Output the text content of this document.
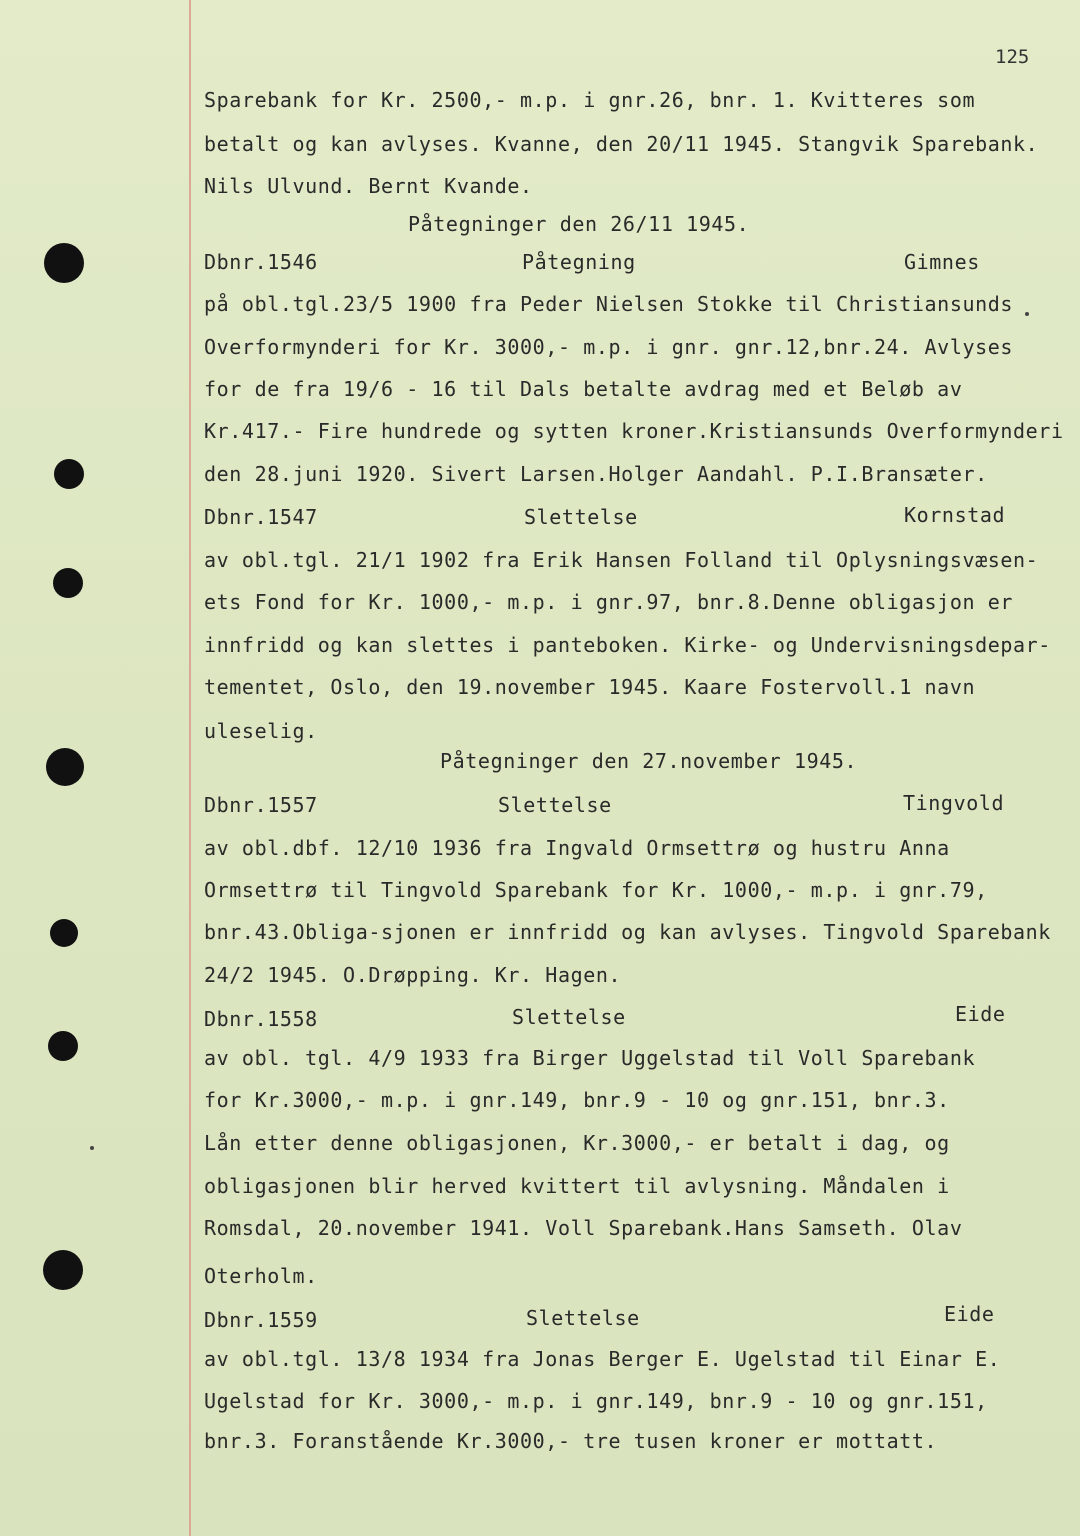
125

Sparebank for Kr. 2500,- m.p. i gnr.26, bnr. 1. Kvitteres som

betalt og kan avlyses. Kvanne, den 20/11 1945. Stangvik Sparebank.

Nils Ulvund. Bernt Kvande.

Påtegninger den 26/11 1945.
Dbnr.1546	Påtegning	Gimnes

på obl.tgl.23/5 1900 fra Peder Nielsen Stokke til Christiansunds

Overformynderi for Kr. 3000,- m.p. i gnr. gnr.12,bnr.24. Avlyses

for de fra 19/6 - 16 til Dals betalte avdrag med et Beløb av

Kr.417.- Fire hundrede og sytten kroner.Kristiansunds Overformynderi

den 28.juni 1920. Sivert Larsen.Holger Aandahl. P.I.Bransæter.

Dbnr.1547	Slettelse	Kornstad

av obl.tgl. 21/1 1902 fra Erik Hansen Folland til Oplysningsvæsen-

ets Fond for Kr. 1000,- m.p. i gnr.97, bnr.8.Denne obligasjon er

innfridd og kan slettes i panteboken. Kirke- og Undervisningsdepar-

tementet, Oslo, den 19.november 1945. Kaare Fostervoll.1 navn

uleselig.

Påtegninger den 27.november 1945.
Dbnr.1557	Slettelse	Tingvold

av obl.dbf. 12/10 1936 fra Ingvald Ormsettrø og hustru Anna

Ormsettrø til Tingvold Sparebank for Kr. 1000,- m.p. i gnr.79,

bnr.43.Obliga-sjonen er innfridd og kan avlyses. Tingvold Sparebank

24/2 1945. O.Drøpping. Kr. Hagen.

Dbnr.1558	Slettelse	Eide

av obl. tgl. 4/9 1933 fra Birger Uggelstad til Voll Sparebank

for Kr.3000,- m.p. i gnr.149, bnr.9 - 10 og gnr.151, bnr.3.

Lån etter denne obligasjonen, Kr.3000,- er betalt i dag, og

obligasjonen blir herved kvittert til avlysning. Måndalen i

Romsdal, 20.november 1941. Voll Sparebank.Hans Samseth. Olav

Oterholm.

Dbnr.1559	Slettelse	Eide

av obl.tgl. 13/8 1934 fra Jonas Berger E. Ugelstad til Einar E.

Ugelstad for Kr. 3000,- m.p. i gnr.149, bnr.9 - 10 og gnr.151,

bnr.3. Foranstående Kr.3000,- tre tusen kroner er mottatt.
